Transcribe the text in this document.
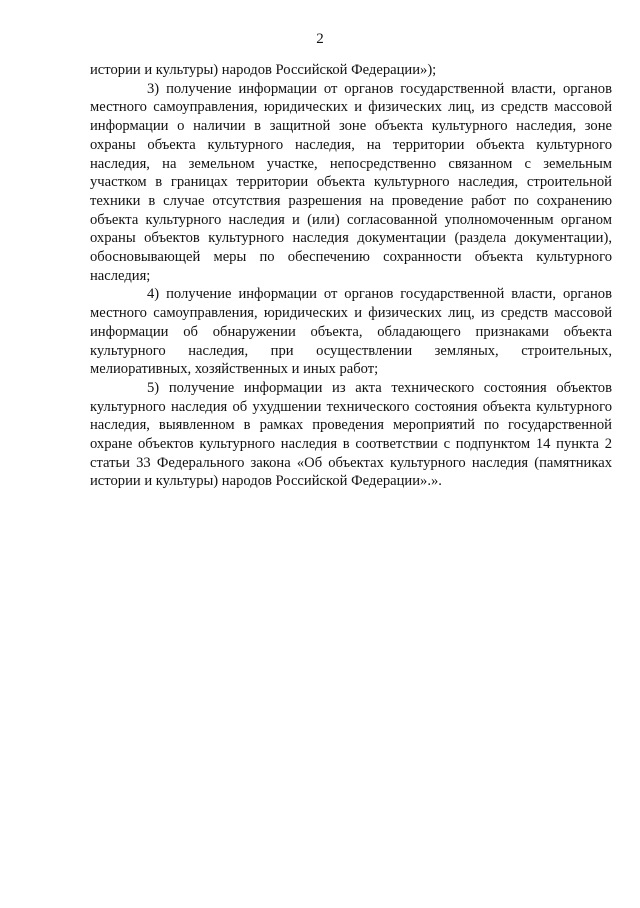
2

истории и культуры) народов Российской Федерации»);

3) получение информации от органов государственной власти, органов местного самоуправления, юридических и физических лиц, из средств массовой информации о наличии в защитной зоне объекта культурного наследия, зоне охраны объекта культурного наследия, на территории объекта культурного наследия, на земельном участке, непосредственно связанном с земельным участком в границах территории объекта культурного наследия, строительной техники в случае отсутствия разрешения на проведение работ по сохранению объекта культурного наследия и (или) согласованной уполномоченным органом охраны объектов культурного наследия документации (раздела документации), обосновывающей меры по обеспечению сохранности объекта культурного наследия;

4) получение информации от органов государственной власти, органов местного самоуправления, юридических и физических лиц, из средств массовой информации об обнаружении объекта, обладающего признаками объекта культурного наследия, при осуществлении земляных, строительных, мелиоративных, хозяйственных и иных работ;

5) получение информации из акта технического состояния объектов культурного наследия об ухудшении технического состояния объекта культурного наследия, выявленном в рамках проведения мероприятий по государственной охране объектов культурного наследия в соответствии с подпунктом 14 пункта 2 статьи 33 Федерального закона «Об объектах культурного наследия (памятниках истории и культуры) народов Российской Федерации».».
